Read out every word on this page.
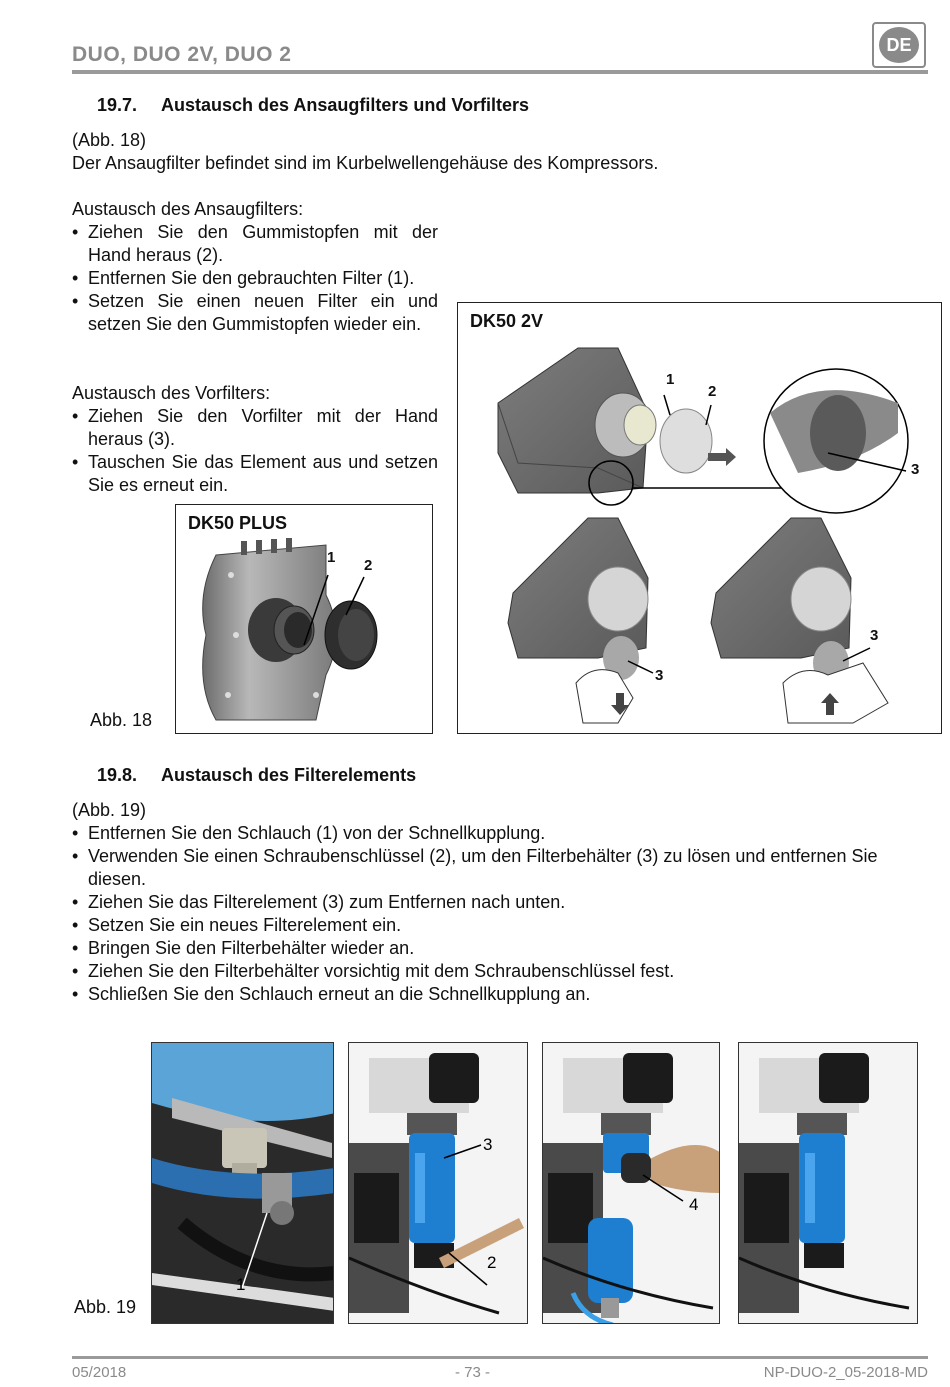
DUO, DUO 2V, DUO 2	DE
19.7. Austausch des Ansaugfilters und Vorfilters
(Abb. 18)
Der Ansaugfilter befindet sind im Kurbelwellengehäuse des Kompressors.
Austausch des Ansaugfilters:
• Ziehen Sie den Gummistopfen mit der Hand heraus (2).
• Entfernen Sie den gebrauchten Filter (1).
• Setzen Sie einen neuen Filter ein und setzen Sie den Gummistopfen wieder ein.
Austausch des Vorfilters:
• Ziehen Sie den Vorfilter mit der Hand heraus (3).
• Tauschen Sie das Element aus und setzen Sie es erneut ein.
DK50 PLUS
1 2
Abb. 18
DK50 2V
1
2
3
3
3
19.8. Austausch des Filterelements
(Abb. 19)
• Entfernen Sie den Schlauch (1) von der Schnellkupplung.
• Verwenden Sie einen Schraubenschlüssel (2), um den Filterbehälter (3) zu lösen und entfernen Sie diesen.
• Ziehen Sie das Filterelement (3) zum Entfernen nach unten.
• Setzen Sie ein neues Filterelement ein.
• Bringen Sie den Filterbehälter wieder an.
• Ziehen Sie den Filterbehälter vorsichtig mit dem Schraubenschlüssel fest.
• Schließen Sie den Schlauch erneut an die Schnellkupplung an.
1
3
2
4
Abb. 19
05/2018	- 73 -	NP-DUO-2_05-2018-MD
